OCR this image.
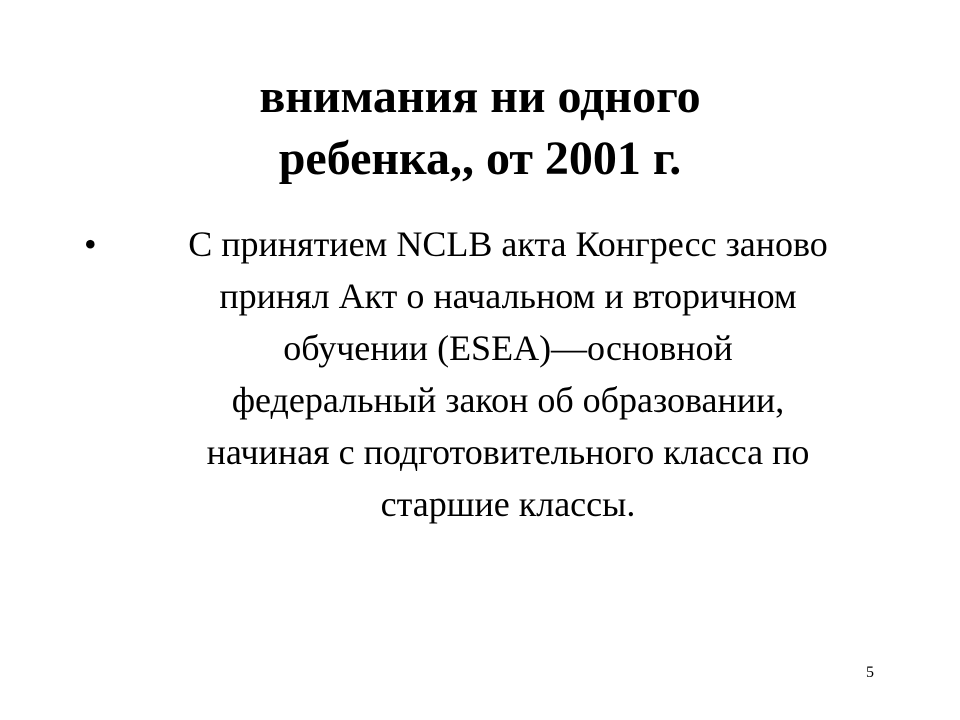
внимания ни одного
ребенка,, от 2001 г.
•	С принятием NCLB акта Конгресс заново
принял Акт о начальном и вторичном
обучении (ESEA)—основной
федеральный закон об образовании,
начиная с подготовительного класса по
старшие классы.
5
